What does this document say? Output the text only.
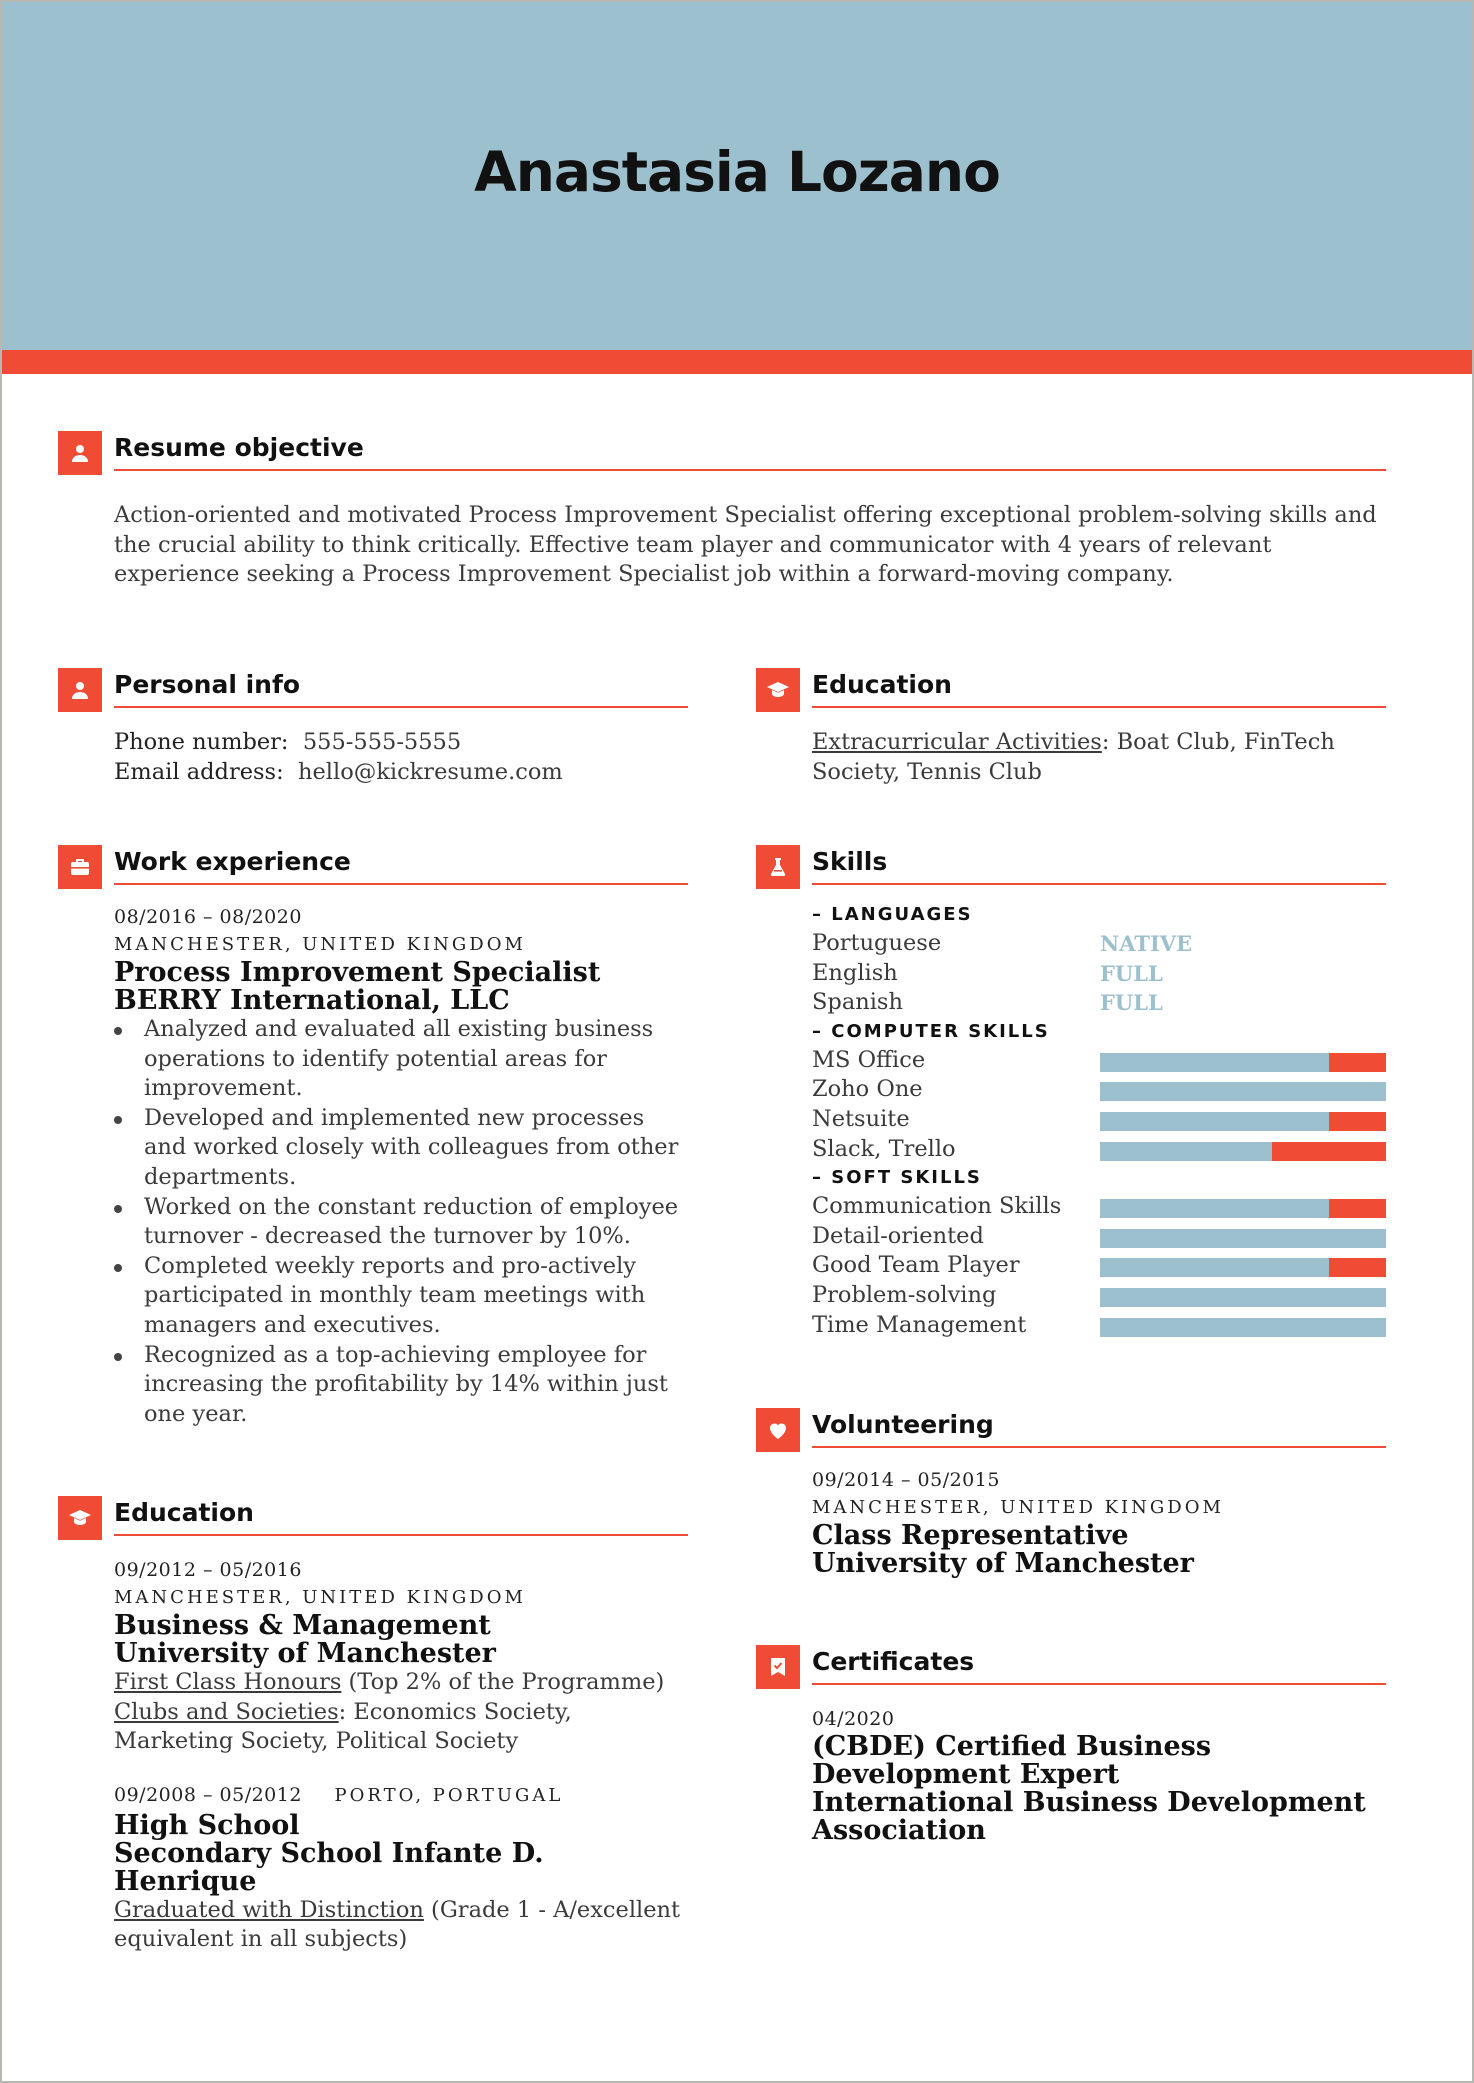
Anastasia Lozano
Resume objective
Action-oriented and motivated Process Improvement Specialist offering exceptional problem-solving skills and the crucial ability to think critically. Effective team player and communicator with 4 years of relevant experience seeking a Process Improvement Specialist job within a forward-moving company.
Personal info
Phone number: 555-555-5555
Email address: hello@kickresume.com
Work experience
08/2016 – 08/2020
MANCHESTER, UNITED KINGDOM
Process Improvement Specialist
BERRY International, LLC
Analyzed and evaluated all existing business operations to identify potential areas for improvement.
Developed and implemented new processes and worked closely with colleagues from other departments.
Worked on the constant reduction of employee turnover - decreased the turnover by 10%.
Completed weekly reports and pro-actively participated in monthly team meetings with managers and executives.
Recognized as a top-achieving employee for increasing the profitability by 14% within just one year.
Education
09/2012 – 05/2016
MANCHESTER, UNITED KINGDOM
Business & Management
University of Manchester
First Class Honours (Top 2% of the Programme)
Clubs and Societies: Economics Society, Marketing Society, Political Society
09/2008 – 05/2012 PORTO, PORTUGAL
High School
Secondary School Infante D. Henrique
Graduated with Distinction (Grade 1 - A/excellent equivalent in all subjects)
Education
Extracurricular Activities: Boat Club, FinTech Society, Tennis Club
Skills
– LANGUAGES
Portuguese	NATIVE
English	FULL
Spanish	FULL
– COMPUTER SKILLS
MS Office
Zoho One
Netsuite
Slack, Trello
– SOFT SKILLS
Communication Skills
Detail-oriented
Good Team Player
Problem-solving
Time Management
Volunteering
09/2014 – 05/2015
MANCHESTER, UNITED KINGDOM
Class Representative
University of Manchester
Certificates
04/2020
(CBDE) Certified Business Development Expert
International Business Development Association
